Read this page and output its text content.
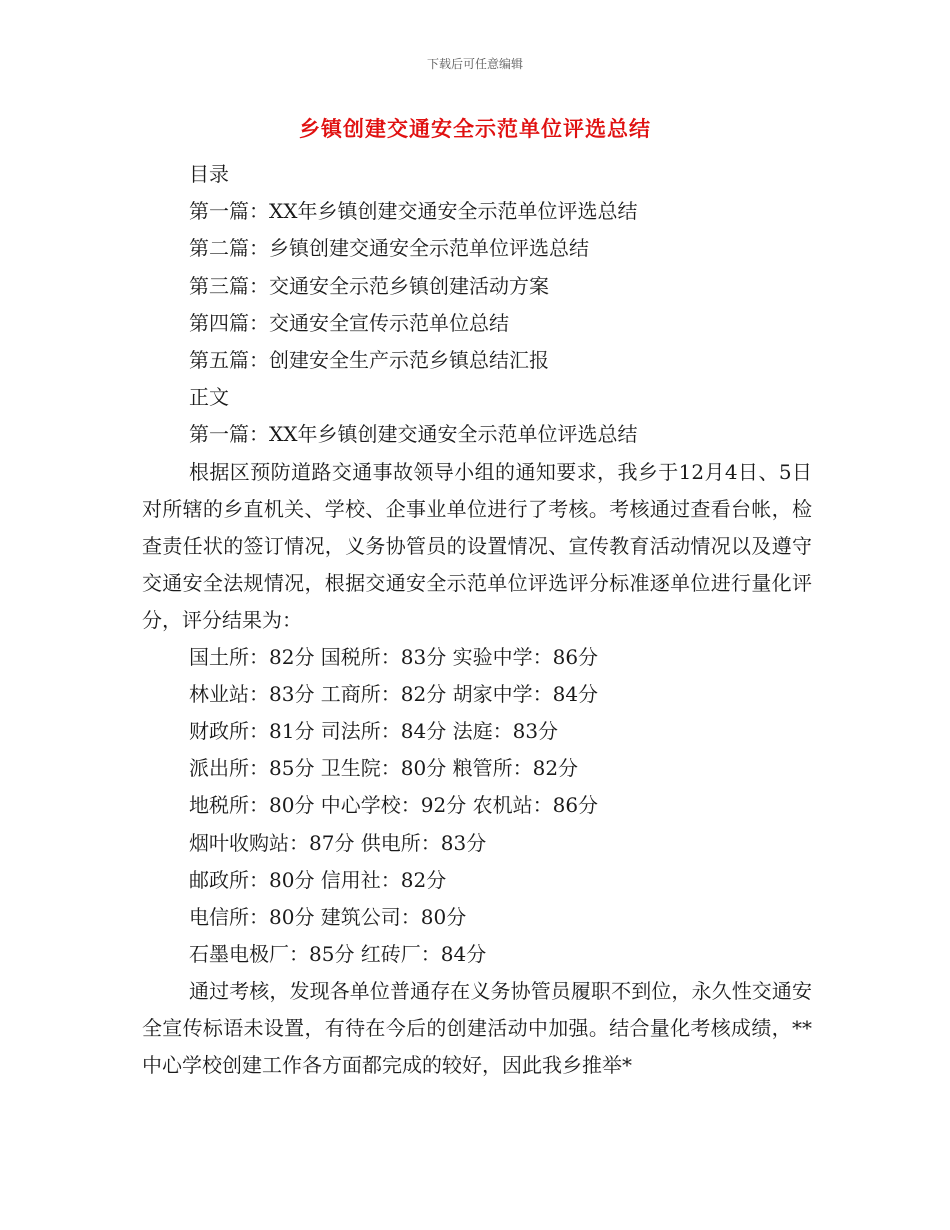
下载后可任意编辑
乡镇创建交通安全示范单位评选总结
目录
第一篇：XX年乡镇创建交通安全示范单位评选总结
第二篇：乡镇创建交通安全示范单位评选总结
第三篇：交通安全示范乡镇创建活动方案
第四篇：交通安全宣传示范单位总结
第五篇：创建安全生产示范乡镇总结汇报
正文
第一篇：XX年乡镇创建交通安全示范单位评选总结

根据区预防道路交通事故领导小组的通知要求，我乡于12月4日、5日对所辖的乡直机关、学校、企事业单位进行了考核。考核通过查看台帐，检查责任状的签订情况，义务协管员的设置情况、宣传教育活动情况以及遵守交通安全法规情况，根据交通安全示范单位评选评分标准逐单位进行量化评分，评分结果为：

国土所：82分 国税所：83分 实验中学：86分
林业站：83分 工商所：82分 胡家中学：84分
财政所：81分 司法所：84分 法庭：83分
派出所：85分 卫生院：80分 粮管所：82分
地税所：80分 中心学校：92分 农机站：86分
烟叶收购站：87分 供电所：83分
邮政所：80分 信用社：82分
电信所：80分 建筑公司：80分
石墨电极厂：85分 红砖厂：84分

通过考核，发现各单位普通存在义务协管员履职不到位，永久性交通安全宣传标语未设置，有待在今后的创建活动中加强。结合量化考核成绩，**中心学校创建工作各方面都完成的较好，因此我乡推举*
